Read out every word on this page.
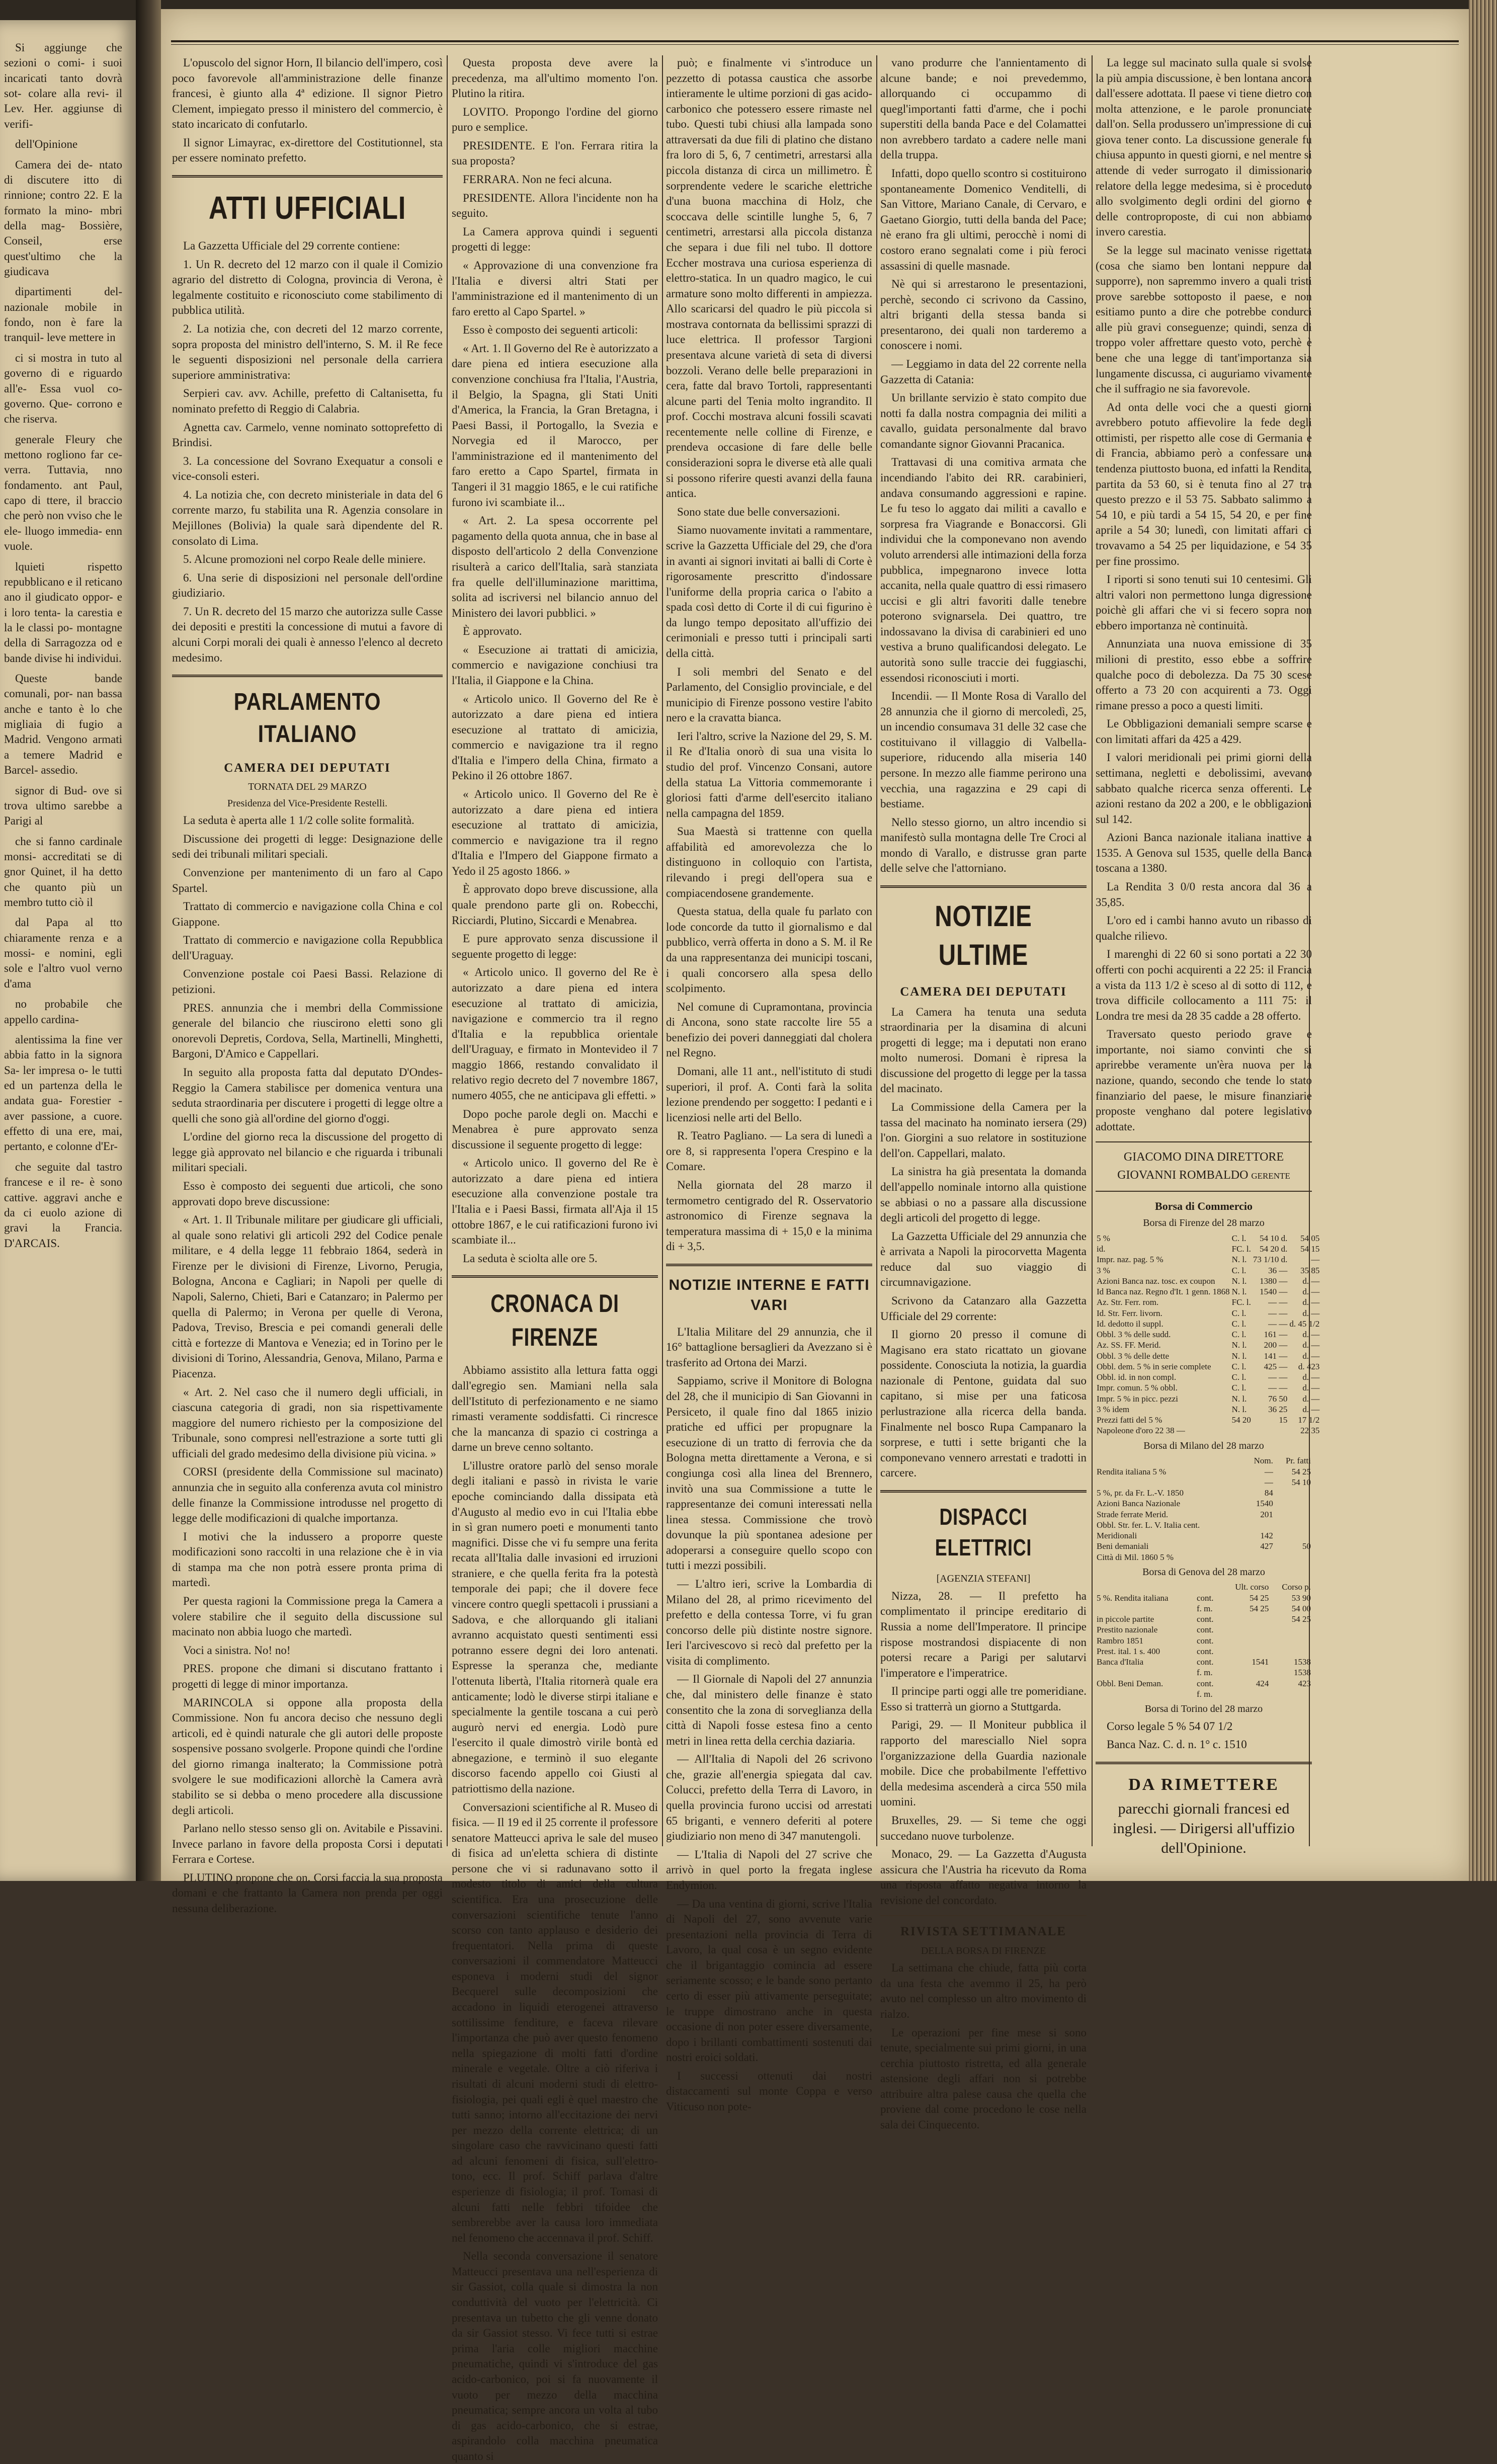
Si aggiunge che sezioni o comi- i suoi incaricati tanto dovrà sot- colare alla revi- il Lev. Her. aggiunse di verifi-

dell'Opinione

Camera dei de- ntato di discutere itto di rinnione; contro 22. E la formato la mino- mbri della mag- Bossière, Conseil, erse quest'ultimo che la giudicava

dipartimenti del- nazionale mobile in fondo, non è fare la tranquil- leve mettere in

ci si mostra in tuto al governo di e riguardo all'e- Essa vuol co- governo. Que- corrono e che riserva.

generale Fleury che mettono rogliono far ce- verra. Tuttavia, nno fondamento. ant Paul, capo di ttere, il braccio che però non vviso che le ele- lluogo immedia- enn vuole.

lquieti rispetto repubblicano e il reticano ano il giudicato oppor- e i loro tenta- la carestia e la le classi po- montagne della di Sarragozza od e bande divise hi individui.

Queste bande comunali, por- nan bassa anche e tanto è lo che migliaia di fugio a Madrid. Vengono armati a temere Madrid e Barcel- assedio.

signor di Bud- ove si trova ultimo sarebbe a Parigi al

che si fanno cardinale monsi- accreditati se di gnor Quinet, il ha detto che quanto più un membro tutto ciò il

dal Papa al tto chiaramente renza e a mossi- e nomini, egli sole e l'altro vuol verno d'ama

no probabile che appello cardina-

alentissima la fine ver abbia fatto in la signora Sa- ler impresa o- le tutti ed un partenza della le andata gua- Forestier - aver passione, a cuore. effetto di una ere, mai, pertanto, e colonne d'Er-

che seguite dal tastro francese e il re- è sono cattive. aggravi anche e da ci euolo azione di gravi la Francia. D'ARCAIS.

L'opuscolo del signor Horn, Il bilancio dell'impero, così poco favorevole all'amministrazione delle finanze francesi, è giunto alla 4ª edizione. Il signor Pietro Clement, impiegato presso il ministero del commercio, è stato incaricato di confutarlo.

Il signor Limayrac, ex-direttore del Costitutionnel, sta per essere nominato prefetto.

ATTI UFFICIALI

La Gazzetta Ufficiale del 29 corrente contiene:

1. Un R. decreto del 12 marzo con il quale il Comizio agrario del distretto di Cologna, provincia di Verona, è legalmente costituito e riconosciuto come stabilimento di pubblica utilità.

2. La notizia che, con decreti del 12 marzo corrente, sopra proposta del ministro dell'interno, S. M. il Re fece le seguenti disposizioni nel personale della carriera superiore amministrativa:

Serpieri cav. avv. Achille, prefetto di Caltanisetta, fu nominato prefetto di Reggio di Calabria.

Agnetta cav. Carmelo, venne nominato sottoprefetto di Brindisi.

3. La concessione del Sovrano Exequatur a consoli e vice-consoli esteri.

4. La notizia che, con decreto ministeriale in data del 6 corrente marzo, fu stabilita una R. Agenzia consolare in Mejillones (Bolivia) la quale sarà dipendente del R. consolato di Lima.

5. Alcune promozioni nel corpo Reale delle miniere.

6. Una serie di disposizioni nel personale dell'ordine giudiziario.

7. Un R. decreto del 15 marzo che autorizza sulle Casse dei depositi e prestiti la concessione di mutui a favore di alcuni Corpi morali dei quali è annesso l'elenco al decreto medesimo.

PARLAMENTO ITALIANO
CAMERA DEI DEPUTATI
TORNATA DEL 29 MARZO
Presidenza del Vice-Presidente Restelli.

La seduta è aperta alle 1 1/2 colle solite formalità.

Discussione dei progetti di legge: Designazione delle sedi dei tribunali militari speciali.

Convenzione per mantenimento di un faro al Capo Spartel.

Trattato di commercio e navigazione colla China e col Giappone.

Trattato di commercio e navigazione colla Repubblica dell'Uraguay.

Convenzione postale coi Paesi Bassi. Relazione di petizioni.

PRES. annunzia che i membri della Commissione generale del bilancio che riuscirono eletti sono gli onorevoli Depretis, Cordova, Sella, Martinelli, Minghetti, Bargoni, D'Amico e Cappellari.

In seguito alla proposta fatta dal deputato D'Ondes-Reggio la Camera stabilisce per domenica ventura una seduta straordinaria per discutere i progetti di legge oltre a quelli che sono già all'ordine del giorno d'oggi.

L'ordine del giorno reca la discussione del progetto di legge già approvato nel bilancio e che riguarda i tribunali militari speciali.

Esso è composto dei seguenti due articoli, che sono approvati dopo breve discussione:

« Art. 1. Il Tribunale militare per giudicare gli ufficiali, al quale sono relativi gli articoli 292 del Codice penale militare, e 4 della legge 11 febbraio 1864, sederà in Firenze per le divisioni di Firenze, Livorno, Perugia, Bologna, Ancona e Cagliari; in Napoli per quelle di Napoli, Salerno, Chieti, Bari e Catanzaro; in Palermo per quella di Palermo; in Verona per quelle di Verona, Padova, Treviso, Brescia e pei comandi generali delle città e fortezze di Mantova e Venezia; ed in Torino per le divisioni di Torino, Alessandria, Genova, Milano, Parma e Piacenza.

« Art. 2. Nel caso che il numero degli ufficiali, in ciascuna categoria di gradi, non sia rispettivamente maggiore del numero richiesto per la composizione del Tribunale, sono compresi nell'estrazione a sorte tutti gli ufficiali del grado medesimo della divisione più vicina. »

CORSI (presidente della Commissione sul macinato) annunzia che in seguito alla conferenza avuta col ministro delle finanze la Commissione introdusse nel progetto di legge delle modificazioni di qualche importanza.

I motivi che la indussero a proporre queste modificazioni sono raccolti in una relazione che è in via di stampa ma che non potrà essere pronta prima di martedì.

Per questa ragioni la Commissione prega la Camera a volere stabilire che il seguito della discussione sul macinato non abbia luogo che martedì.

Voci a sinistra. No! no!

PRES. propone che dimani si discutano frattanto i progetti di legge di minor importanza.

MARINCOLA si oppone alla proposta della Commissione. Non fu ancora deciso che nessuno degli articoli, ed è quindi naturale che gli autori delle proposte sospensive possano svolgerle. Propone quindi che l'ordine del giorno rimanga inalterato; la Commissione potrà svolgere le sue modificazioni allorchè la Camera avrà stabilito se si debba o meno procedere alla discussione degli articoli.

Parlano nello stesso senso gli on. Avitabile e Pissavini. Invece parlano in favore della proposta Corsi i deputati Ferrara e Cortese.

PLUTINO propone che on. Corsi faccia la sua proposta domani e che frattanto la Camera non prenda per oggi nessuna deliberazione.

Questa proposta deve avere la precedenza, ma all'ultimo momento l'on. Plutino la ritira.

LOVITO. Propongo l'ordine del giorno puro e semplice.

PRESIDENTE. E l'on. Ferrara ritira la sua proposta?

FERRARA. Non ne feci alcuna.

PRESIDENTE. Allora l'incidente non ha seguito.

La Camera approva quindi i seguenti progetti di legge:

« Approvazione di una convenzione fra l'Italia e diversi altri Stati per l'amministrazione ed il mantenimento di un faro eretto al Capo Spartel. »

Esso è composto dei seguenti articoli:

« Art. 1. Il Governo del Re è autorizzato a dare piena ed intiera esecuzione alla convenzione conchiusa fra l'Italia, l'Austria, il Belgio, la Spagna, gli Stati Uniti d'America, la Francia, la Gran Bretagna, i Paesi Bassi, il Portogallo, la Svezia e Norvegia ed il Marocco, per l'amministrazione ed il mantenimento del faro eretto a Capo Spartel, firmata in Tangeri il 31 maggio 1865, e le cui ratifiche furono ivi scambiate il...

« Art. 2. La spesa occorrente pel pagamento della quota annua, che in base al disposto dell'articolo 2 della Convenzione risulterà a carico dell'Italia, sarà stanziata fra quelle dell'illuminazione marittima, solita ad iscriversi nel bilancio annuo del Ministero dei lavori pubblici. »

È approvato.

« Esecuzione ai trattati di amicizia, commercio e navigazione conchiusi tra l'Italia, il Giappone e la China.

« Articolo unico. Il Governo del Re è autorizzato a dare piena ed intiera esecuzione al trattato di amicizia, commercio e navigazione tra il regno d'Italia e l'impero della China, firmato a Pekino il 26 ottobre 1867.

« Articolo unico. Il Governo del Re è autorizzato a dare piena ed intiera esecuzione al trattato di amicizia, commercio e navigazione tra il regno d'Italia e l'Impero del Giappone firmato a Yedo il 25 agosto 1866. »

È approvato dopo breve discussione, alla quale prendono parte gli on. Robecchi, Ricciardi, Plutino, Siccardi e Menabrea.

E pure approvato senza discussione il seguente progetto di legge:

« Articolo unico. Il governo del Re è autorizzato a dare piena ed intera esecuzione al trattato di amicizia, navigazione e commercio tra il regno d'Italia e la repubblica orientale dell'Uraguay, e firmato in Montevideo il 7 maggio 1866, restando convalidato il relativo regio decreto del 7 novembre 1867, numero 4055, che ne anticipava gli effetti. »

Dopo poche parole degli on. Macchi e Menabrea è pure approvato senza discussione il seguente progetto di legge:

« Articolo unico. Il governo del Re è autorizzato a dare piena ed intiera esecuzione alla convenzione postale tra l'Italia e i Paesi Bassi, firmata all'Aja il 15 ottobre 1867, e le cui ratificazioni furono ivi scambiate il...

La seduta è sciolta alle ore 5.

CRONACA DI FIRENZE

Abbiamo assistito alla lettura fatta oggi dall'egregio sen. Mamiani nella sala dell'Istituto di perfezionamento e ne siamo rimasti veramente soddisfatti. Ci rincresce che la mancanza di spazio ci costringa a darne un breve cenno soltanto.

L'illustre oratore parlò del senso morale degli italiani e passò in rivista le varie epoche cominciando dalla dissipata età d'Augusto al medio evo in cui l'Italia ebbe in sì gran numero poeti e monumenti tanto magnifici. Disse che vi fu sempre una ferita recata all'Italia dalle invasioni ed irruzioni straniere, e che quella ferita fra la potestà temporale dei papi; che il dovere fece vincere contro quegli spettacoli i prussiani a Sadova, e che allorquando gli italiani avranno acquistato questi sentimenti essi potranno essere degni dei loro antenati. Espresse la speranza che, mediante l'ottenuta libertà, l'Italia ritornerà quale era anticamente; lodò le diverse stirpi italiane e specialmente la gentile toscana a cui però augurò nervi ed energia. Lodò pure l'esercito il quale dimostrò virile bontà ed abnegazione, e terminò il suo elegante discorso facendo appello coi Giusti al patriottismo della nazione.

Conversazioni scientifiche al R. Museo di fisica. — Il 19 ed il 25 corrente il professore senatore Matteucci apriva le sale del museo di fisica ad un'eletta schiera di distinte persone che vi si radunavano sotto il modesto titolo di amici della cultura scientifica. Era una prosecuzione delle conversazioni scientifiche tenute l'anno scorso con tanto applauso e desiderio dei frequentatori. Nella prima di queste conversazioni il commendatore Matteucci esponeva i moderni studi del signor Becquerel sulle decomposizioni che accadono in liquidi eterogenei attraverso sottilissime fenditure, e faceva rilevare l'importanza che può aver questo fenomeno nella spiegazione di molti fatti d'ordine minerale e vegetale. Oltre a ciò riferiva i risultati di alcuni moderni studi di elettro-fisiologia, pei quali egli è quel maestro che tutti sanno; intorno all'eccitazione dei nervi per mezzo della corrente elettrica; di un singolare caso che ravvicinano questi fatti ad alcuni fenomeni di fisica, sull'elettro-tono, ecc. Il prof. Schiff parlava d'altre esperienze di fisiologia; il prof. Tomasi di alcuni fatti nelle febbri tifoidee che sembrerebbe aver la causa loro immediata nel fenomeno che accennava il prof. Schiff.

Nella seconda conversazione il senatore Matteucci presentava una nell'esperienza di sir Gassiot, colla quale si dimostra la non conduttività del vuoto per l'elettricità. Ci presentava un tubetto che gli venne donato da sir Gassiot stesso. Vi fece tutti si estrae prima l'aria colle migliori macchine pneumatiche, quindi vi s'introduce del gas acido-carbonico, poi si fa nuovamente il vuoto per mezzo della macchina pneumatica; sempre ancora un volta al tubo di gas acido-carbonico, che si estrae, aspirandolo colla macchina pneumatica quanto si

può; e finalmente vi s'introduce un pezzetto di potassa caustica che assorbe intieramente le ultime porzioni di gas acido-carbonico che potessero essere rimaste nel tubo. Questi tubi chiusi alla lampada sono attraversati da due fili di platino che distano fra loro di 5, 6, 7 centimetri, arrestarsi alla piccola distanza di circa un millimetro. È sorprendente vedere le scariche elettriche d'una buona macchina di Holz, che scoccava delle scintille lunghe 5, 6, 7 centimetri, arrestarsi alla piccola distanza che separa i due fili nel tubo. Il dottore Eccher mostrava una curiosa esperienza di elettro-statica. In un quadro magico, le cui armature sono molto differenti in ampiezza. Allo scaricarsi del quadro le più piccola si mostrava contornata da bellissimi sprazzi di luce elettrica. Il professor Targioni presentava alcune varietà di seta di diversi bozzoli. Verano delle belle preparazioni in cera, fatte dal bravo Tortoli, rappresentanti alcune parti del Tenia molto ingrandito. Il prof. Cocchi mostrava alcuni fossili scavati recentemente nelle colline di Firenze, e prendeva occasione di fare delle belle considerazioni sopra le diverse età alle quali si possono riferire questi avanzi della fauna antica.

Sono state due belle conversazioni.

Siamo nuovamente invitati a rammentare, scrive la Gazzetta Ufficiale del 29, che d'ora in avanti ai signori invitati ai balli di Corte è rigorosamente prescritto d'indossare l'uniforme della propria carica o l'abito a spada così detto di Corte il di cui figurino è da lungo tempo depositato all'uffizio dei cerimoniali e presso tutti i principali sarti della città.

I soli membri del Senato e del Parlamento, del Consiglio provinciale, e del municipio di Firenze possono vestire l'abito nero e la cravatta bianca.

Ieri l'altro, scrive la Nazione del 29, S. M. il Re d'Italia onorò di sua una visita lo studio del prof. Vincenzo Consani, autore della statua La Vittoria commemorante i gloriosi fatti d'arme dell'esercito italiano nella campagna del 1859.

Sua Maestà si trattenne con quella affabilità ed amorevolezza che lo distinguono in colloquio con l'artista, rilevando i pregi dell'opera sua e compiacendosene grandemente.

Questa statua, della quale fu parlato con lode concorde da tutto il giornalismo e dal pubblico, verrà offerta in dono a S. M. il Re da una rappresentanza dei municipi toscani, i quali concorsero alla spesa dello scolpimento.

Nel comune di Cupramontana, provincia di Ancona, sono state raccolte lire 55 a benefizio dei poveri danneggiati dal cholera nel Regno.

Domani, alle 11 ant., nell'istituto di studi superiori, il prof. A. Conti farà la solita lezione prendendo per soggetto: I pedanti e i licenziosi nelle arti del Bello.

R. Teatro Pagliano. — La sera di lunedì a ore 8, si rappresenta l'opera Crespino e la Comare.

Nella giornata del 28 marzo il termometro centigrado del R. Osservatorio astronomico di Firenze segnava la temperatura massima di + 15,0 e la minima di + 3,5.

NOTIZIE INTERNE E FATTI VARI

L'Italia Militare del 29 annunzia, che il 16° battaglione bersaglieri da Avezzano si è trasferito ad Ortona dei Marzi.

Sappiamo, scrive il Monitore di Bologna del 28, che il municipio di San Giovanni in Persiceto, il quale fino dal 1865 inizio pratiche ed uffici per propugnare la esecuzione di un tratto di ferrovia che da Bologna metta direttamente a Verona, e si congiunga così alla linea del Brennero, invitò una sua Commissione a tutte le rappresentanze dei comuni interessati nella linea stessa. Commissione che trovò dovunque la più spontanea adesione per adoperarsi a conseguire quello scopo con tutti i mezzi possibili.

— L'altro ieri, scrive la Lombardia di Milano del 28, al primo ricevimento del prefetto e della contessa Torre, vi fu gran concorso delle più distinte nostre signore. Ieri l'arcivescovo si recò dal prefetto per la visita di complimento.

— Il Giornale di Napoli del 27 annunzia che, dal ministero delle finanze è stato consentito che la zona di sorveglianza della città di Napoli fosse estesa fino a cento metri in linea retta della cerchia daziaria.

— All'Italia di Napoli del 26 scrivono che, grazie all'energia spiegata dal cav. Colucci, prefetto della Terra di Lavoro, in quella provincia furono uccisi od arrestati 65 briganti, e vennero deferiti al potere giudiziario non meno di 347 manutengoli.

— L'Italia di Napoli del 27 scrive che arrivò in quel porto la fregata inglese Endymion.

— Da una ventina di giorni, scrive l'Italia di Napoli del 27, sono avvenute varie presentazioni nella provincia di Terra di Lavoro, la qual cosa è un segno evidente che il brigantaggio comincia ad essere seriamente scosso; e le bande sono pertanto certo di esser più attivamente perseguitate; le truppe dimostrano anche in questa occasione di non poter essere diversamente, dopo i brillanti combattimenti sostenuti dai nostri eroici soldati.

I successi ottenuti dai nostri distaccamenti sul monte Coppa e verso Viticuso non pote-

vano produrre che l'annientamento di alcune bande; e noi prevedemmo, allorquando ci occupammo di quegl'importanti fatti d'arme, che i pochi superstiti della banda Pace e del Colamattei non avrebbero tardato a cadere nelle mani della truppa.

Infatti, dopo quello scontro si costituirono spontaneamente Domenico Venditelli, di San Vittore, Mariano Canale, di Cervaro, e Gaetano Giorgio, tutti della banda del Pace; nè erano fra gli ultimi, perocchè i nomi di costoro erano segnalati come i più feroci assassini di quelle masnade.

Nè qui si arrestarono le presentazioni, perchè, secondo ci scrivono da Cassino, altri briganti della stessa banda si presentarono, dei quali non tarderemo a conoscere i nomi.

— Leggiamo in data del 22 corrente nella Gazzetta di Catania:

Un brillante servizio è stato compito due notti fa dalla nostra compagnia dei militi a cavallo, guidata personalmente dal bravo comandante signor Giovanni Pracanica.

Trattavasi di una comitiva armata che incendiando l'abito dei RR. carabinieri, andava consumando aggressioni e rapine. Le fu teso lo aggato dai militi a cavallo e sorpresa fra Viagrande e Bonaccorsi. Gli individui che la componevano non avendo voluto arrendersi alle intimazioni della forza pubblica, impegnarono invece lotta accanita, nella quale quattro di essi rimasero uccisi e gli altri favoriti dalle tenebre poterono svignarsela. Dei quattro, tre indossavano la divisa di carabinieri ed uno vestiva a bruno qualificandosi delegato. Le autorità sono sulle traccie dei fuggiaschi, essendosi riconosciuti i morti.

Incendii. — Il Monte Rosa di Varallo del 28 annunzia che il giorno di mercoledì, 25, un incendio consumava 31 delle 32 case che costituivano il villaggio di Valbella-superiore, riducendo alla miseria 140 persone. In mezzo alle fiamme perirono una vecchia, una ragazzina e 29 capi di bestiame.

Nello stesso giorno, un altro incendio si manifestò sulla montagna delle Tre Croci al mondo di Varallo, e distrusse gran parte delle selve che l'attorniano.

NOTIZIE ULTIME
CAMERA DEI DEPUTATI

La Camera ha tenuta una seduta straordinaria per la disamina di alcuni progetti di legge; ma i deputati non erano molto numerosi. Domani è ripresa la discussione del progetto di legge per la tassa del macinato.

La Commissione della Camera per la tassa del macinato ha nominato iersera (29) l'on. Giorgini a suo relatore in sostituzione dell'on. Cappellari, malato.

La sinistra ha già presentata la domanda dell'appello nominale intorno alla quistione se abbiasi o no a passare alla discussione degli articoli del progetto di legge.

La Gazzetta Ufficiale del 29 annunzia che è arrivata a Napoli la pirocorvetta Magenta reduce dal suo viaggio di circumnavigazione.

Scrivono da Catanzaro alla Gazzetta Ufficiale del 29 corrente:

Il giorno 20 presso il comune di Magisano era stato ricattato un giovane possidente. Conosciuta la notizia, la guardia nazionale di Pentone, guidata dal suo capitano, si mise per una faticosa perlustrazione alla ricerca della banda. Finalmente nel bosco Rupa Campanaro la sorprese, e tutti i sette briganti che la componevano vennero arrestati e tradotti in carcere.

DISPACCI ELETTRICI
[AGENZIA STEFANI]

Nizza, 28. — Il prefetto ha complimentato il principe ereditario di Russia a nome dell'Imperatore. Il principe rispose mostrandosi dispiacente di non potersi recare a Parigi per salutarvi l'imperatore e l'imperatrice.

Il principe parti oggi alle tre pomeridiane. Esso si tratterrà un giorno a Stuttgarda.

Parigi, 29. — Il Moniteur pubblica il rapporto del maresciallo Niel sopra l'organizzazione della Guardia nazionale mobile. Dice che probabilmente l'effettivo della medesima ascenderà a circa 550 mila uomini.

Bruxelles, 29. — Si teme che oggi succedano nuove turbolenze.

Monaco, 29. — La Gazzetta d'Augusta assicura che l'Austria ha ricevuto da Roma una risposta affatto negativa intorno la revisione del concordato.

RIVISTA SETTIMANALE
DELLA BORSA DI FIRENZE

La settimana che chiude, fatta più corta da una festa che avemmo il 25, ha però avuto nel complesso un altro movimento di rialzo.

Le operazioni per fine mese si sono tenute, specialmente sui primi giorni, in una cerchia piuttosto ristretta, ed alla generale astensione degli affari non si potrebbe attribuire altra palese causa che quella che proviene dal come procedono le cose nella sala dei Cinquecento.

La legge sul macinato sulla quale si svolse la più ampia discussione, è ben lontana ancora dall'essere adottata. Il paese vi tiene dietro con molta attenzione, e le parole pronunciate dall'on. Sella produssero un'impressione di cui giova tener conto. La discussione generale fu chiusa appunto in questi giorni, e nel mentre si attende di veder surrogato il dimissionario relatore della legge medesima, si è proceduto allo svolgimento degli ordini del giorno e delle controproposte, di cui non abbiamo invero carestia.

Se la legge sul macinato venisse rigettata (cosa che siamo ben lontani neppure dal supporre), non sapremmo invero a quali tristi prove sarebbe sottoposto il paese, e non esitiamo punto a dire che potrebbe condurci alle più gravi conseguenze; quindi, senza di troppo voler affrettare questo voto, perchè è bene che una legge di tant'importanza sia lungamente discussa, ci auguriamo vivamente che il suffragio ne sia favorevole.

Ad onta delle voci che a questi giorni avrebbero potuto affievolire la fede degli ottimisti, per rispetto alle cose di Germania e di Francia, abbiamo però a confessare una tendenza piuttosto buona, ed infatti la Rendita, partita da 53 60, si è tenuta fino al 27 tra questo prezzo e il 53 75. Sabbato salimmo a 54 10, e più tardi a 54 15, 54 20, e per fine aprile a 54 30; lunedì, con limitati affari ci trovavamo a 54 25 per liquidazione, e 54 35 per fine prossimo.

I riporti si sono tenuti sui 10 centesimi. Gli altri valori non permettono lunga digressione poichè gli affari che vi si fecero sopra non ebbero importanza nè continuità.

Annunziata una nuova emissione di 35 milioni di prestito, esso ebbe a soffrire qualche poco di debolezza. Da 75 30 scese offerto a 73 20 con acquirenti a 73. Oggi rimane presso a poco a questi limiti.

Le Obbligazioni demaniali sempre scarse e con limitati affari da 425 a 429.

I valori meridionali pei primi giorni della settimana, negletti e debolissimi, avevano sabbato qualche ricerca senza offerenti. Le azioni restano da 202 a 200, e le obbligazioni sul 142.

Azioni Banca nazionale italiana inattive a 1535. A Genova sul 1535, quelle della Banca toscana a 1380.

La Rendita 3 0/0 resta ancora dal 36 a 35,85.

L'oro ed i cambi hanno avuto un ribasso di qualche rilievo.

I marenghi di 22 60 si sono portati a 22 30 offerti con pochi acquirenti a 22 25: il Francia a vista da 113 1/2 è sceso al di sotto di 112, e trova difficile collocamento a 111 75: il Londra tre mesi da 28 35 cadde a 28 offerto.

Traversato questo periodo grave e importante, noi siamo convinti che si aprirebbe veramente un'èra nuova per la nazione, quando, secondo che tende lo stato finanziario del paese, le misure finanziarie proposte venghano dal potere legislativo adottate.

GIACOMO DINA DIRETTORE
GIOVANNI ROMBALDO gerente
Borsa di Commercio
Borsa di Firenze del 28 marzo
5 %	C. l.	54 10 d.	54 05
id.	FC. l.	54 20 d.	54 15
Impr. naz. pag. 5 %	N. l.	73 1/10 d.	—
3 %	C. l.	36 —	35 85
Azioni Banca naz. tosc. ex coupon	N. l.	1380 —	d. —
Id Banca naz. Regno d'It. 1 genn. 1868	N. l.	1540 —	d. —
Az. Str. Ferr. rom.	FC. l.	— —	d. —
Id. Str. Ferr. livorn.	C. l.	— —	d. —
Id. dedotto il suppl.	C. l.	— —	d. 45 1/2
Obbl. 3 % delle sudd.	C. l.	161 —	d. —
Az. SS. FF. Merid.	N. l.	200 —	d. —
Obbl. 3 % delle dette	N. l.	141 —	d. —
Obbl. dem. 5 % in serie complete	C. l.	425 —	d. 423
Obbl. id. in non compl.	C. l.	— —	d. —
Impr. comun. 5 % obbl.	C. l.	— —	d. —
Impr. 5 % in picc. pezzi	N. l.	76 50	d. —
3 % idem	N. l.	36 25	d. —
Prezzi fatti del 5 %	54 20	15	17 1/2
Napoleone d'oro 22 38 —			22 35
Borsa di Milano del 28 marzo
		Nom.	Pr. fatti
Rendita italiana 5 %		—	54 25
		—	54 10
5 %, pr. da Fr. L.-V. 1850		84	
Azioni Banca Nazionale		1540	
Strade ferrate Merid.		201	
Obbl. Str. fer. L. V. Italia cent.			
Meridionali		142	
Beni demaniali		427	50
Città di Mil. 1860 5 %			
Borsa di Genova del 28 marzo
		Ult. corso	Corso p.
5 %. Rendita italiana	cont.	54 25	53 90
	f. m.	54 25	54 00
in piccole partite	cont.		54 25
Prestito nazionale	cont.		
Rambro 1851	cont.		
Prest. ital. 1 s. 400	cont.		
Banca d'Italia	cont.	1541	1538
	f. m.		1538
Obbl. Beni Deman.	cont.	424	423
	f. m.		
Borsa di Torino del 28 marzo

Corso legale 5 % 54 07 1/2

Banca Naz. C. d. n. 1° c. 1510

DA RIMETTERE
parecchi giornali francesi ed inglesi. — Dirigersi all'uffizio dell'Opinione.
